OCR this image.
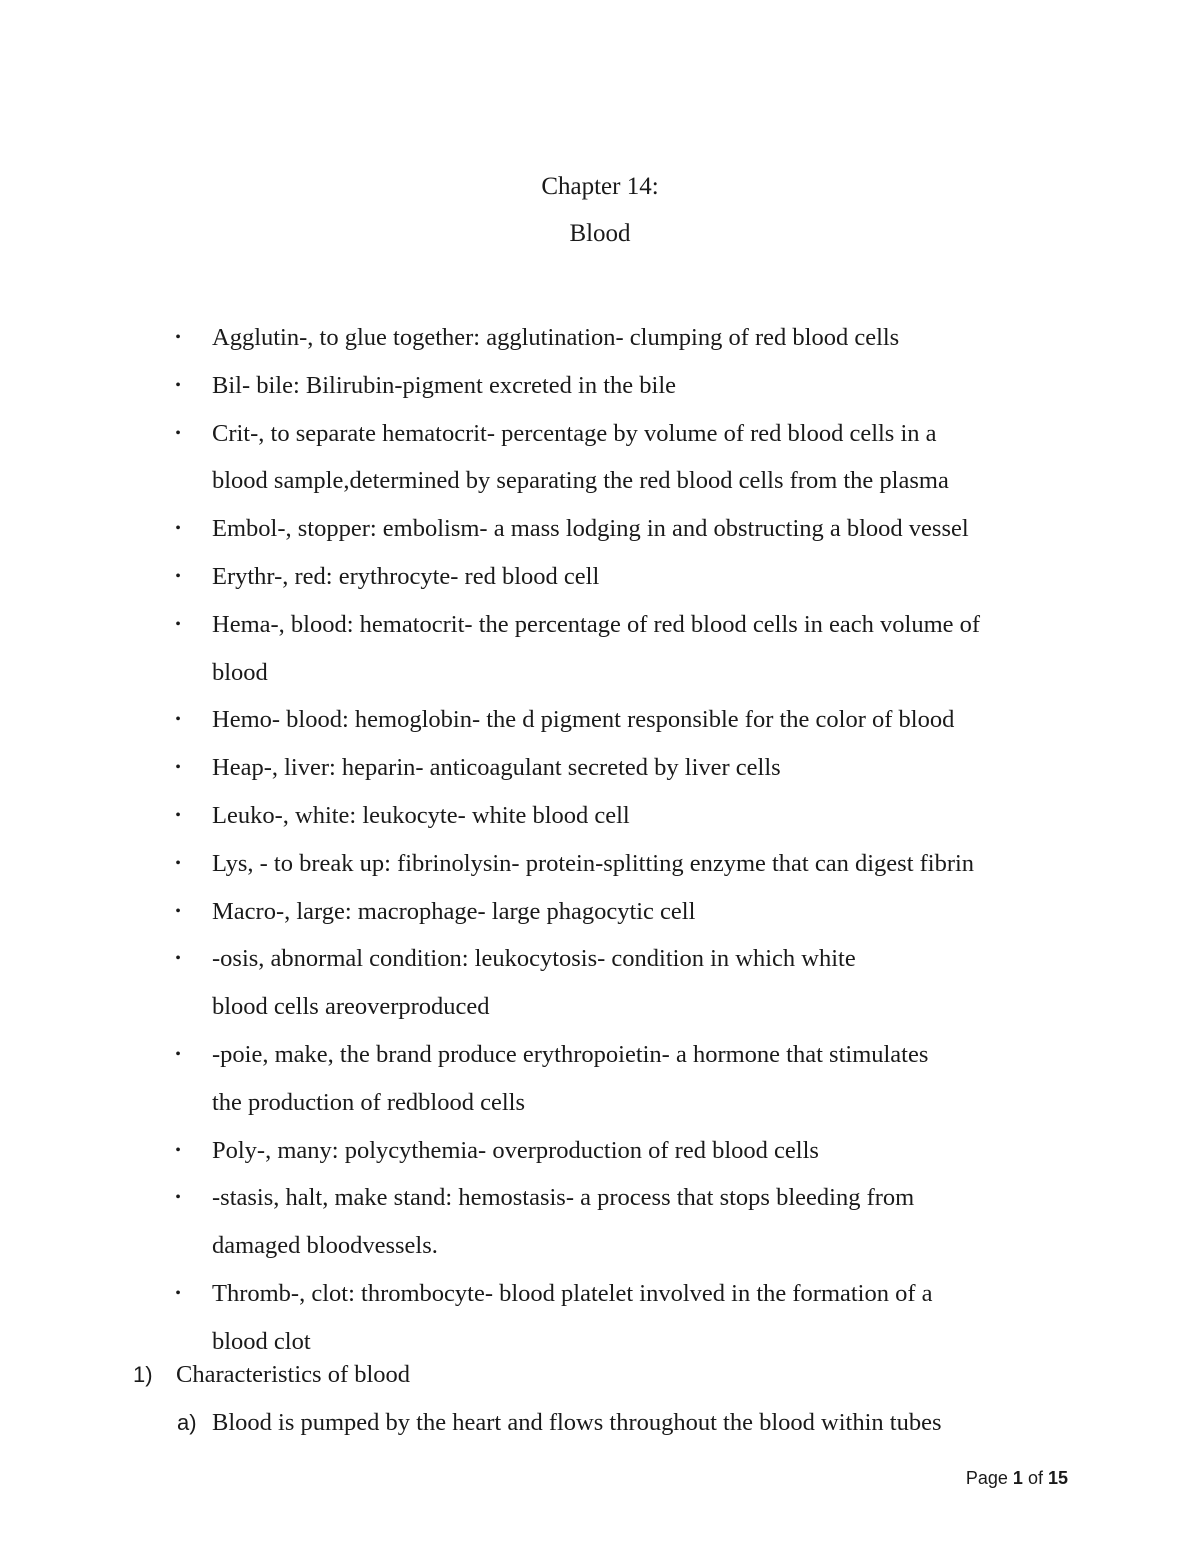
Chapter 14:
Blood
• Agglutin-, to glue together: agglutination- clumping of red blood cells
• Bil- bile: Bilirubin-pigment excreted in the bile
• Crit-, to separate hematocrit- percentage by volume of red blood cells in a
blood sample,determined by separating the red blood cells from the plasma
• Embol-, stopper: embolism- a mass lodging in and obstructing a blood vessel
• Erythr-, red: erythrocyte- red blood cell
• Hema-, blood: hematocrit- the percentage of red blood cells in each volume of
blood
• Hemo- blood: hemoglobin- the d pigment responsible for the color of blood
• Heap-, liver: heparin- anticoagulant secreted by liver cells
• Leuko-, white: leukocyte- white blood cell
• Lys, - to break up: fibrinolysin- protein-splitting enzyme that can digest fibrin
• Macro-, large: macrophage- large phagocytic cell
• -osis, abnormal condition: leukocytosis- condition in which white
blood cells areoverproduced
• -poie, make, the brand produce erythropoietin- a hormone that stimulates
the production of redblood cells
• Poly-, many: polycythemia- overproduction of red blood cells
• -stasis, halt, make stand: hemostasis- a process that stops bleeding from
damaged bloodvessels.
• Thromb-, clot: thrombocyte- blood platelet involved in the formation of a
blood clot
1) Characteristics of blood
a) Blood is pumped by the heart and flows throughout the blood within tubes
Page 1 of 15
